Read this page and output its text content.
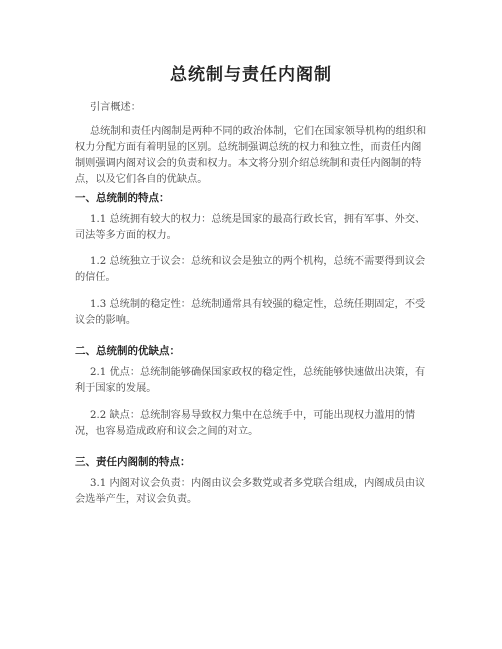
总统制与责任内阁制

引言概述：

总统制和责任内阁制是两种不同的政治体制，它们在国家领导机构的组织和权力分配方面有着明显的区别。总统制强调总统的权力和独立性，而责任内阁制则强调内阁对议会的负责和权力。本文将分别介绍总统制和责任内阁制的特点，以及它们各自的优缺点。

一、总统制的特点：

1.1 总统拥有较大的权力：总统是国家的最高行政长官，拥有军事、外交、司法等多方面的权力。

1.2 总统独立于议会：总统和议会是独立的两个机构，总统不需要得到议会的信任。

1.3 总统制的稳定性：总统制通常具有较强的稳定性，总统任期固定，不受议会的影响。

二、总统制的优缺点：

2.1 优点：总统制能够确保国家政权的稳定性，总统能够快速做出决策，有利于国家的发展。

2.2 缺点：总统制容易导致权力集中在总统手中，可能出现权力滥用的情况，也容易造成政府和议会之间的对立。

三、责任内阁制的特点：

3.1 内阁对议会负责：内阁由议会多数党或者多党联合组成，内阁成员由议会选举产生，对议会负责。
